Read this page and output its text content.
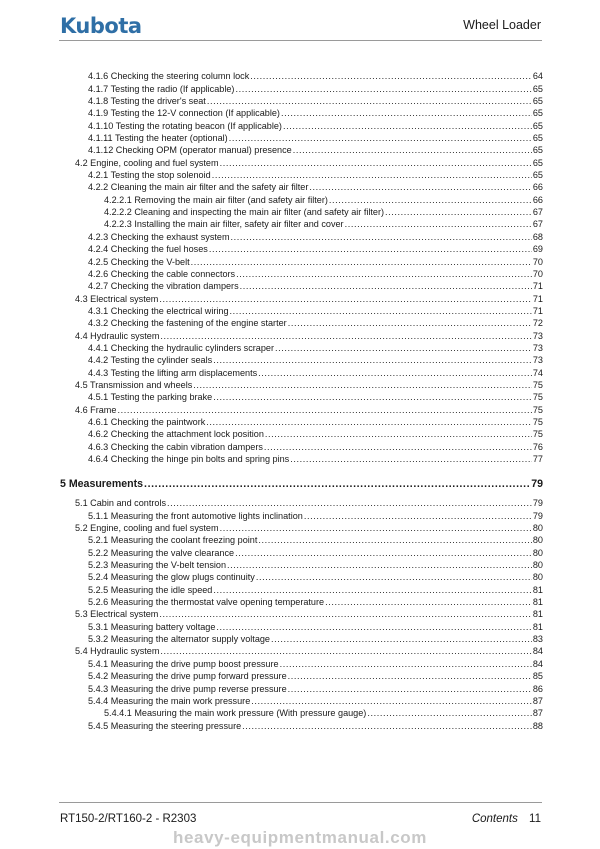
Kubota	Wheel Loader
4.1.6 Checking the steering column lock .....	64
4.1.7 Testing the radio (If applicable) .....	65
4.1.8 Testing the driver's seat .....	65
4.1.9 Testing the 12-V connection (If applicable) .....	65
4.1.10 Testing the rotating beacon (If applicable) .....	65
4.1.11 Testing the heater (optional) .....	65
4.1.12 Checking OPM (operator manual) presence .....	65
4.2 Engine, cooling and fuel system .....	65
4.2.1 Testing the stop solenoid .....	65
4.2.2 Cleaning the main air filter and the safety air filter .....	66
4.2.2.1 Removing the main air filter (and safety air filter) .....	66
4.2.2.2 Cleaning and inspecting the main air filter (and safety air filter) .....	67
4.2.2.3 Installing the main air filter, safety air filter and cover .....	67
4.2.3 Checking the exhaust system .....	68
4.2.4 Checking the fuel hoses .....	69
4.2.5 Checking the V-belt .....	70
4.2.6 Checking the cable connectors .....	70
4.2.7 Checking the vibration dampers .....	71
4.3 Electrical system .....	71
4.3.1 Checking the electrical wiring .....	71
4.3.2 Checking the fastening of the engine starter .....	72
4.4 Hydraulic system .....	73
4.4.1 Checking the hydraulic cylinders scraper .....	73
4.4.2 Testing the cylinder seals .....	73
4.4.3 Testing the lifting arm displacements .....	74
4.5 Transmission and wheels .....	75
4.5.1 Testing the parking brake .....	75
4.6 Frame .....	75
4.6.1 Checking the paintwork .....	75
4.6.2 Checking the attachment lock position .....	75
4.6.3 Checking the cabin vibration dampers .....	76
4.6.4 Checking the hinge pin bolts and spring pins .....	77
5 Measurements .....	79
5.1 Cabin and controls .....	79
5.1.1 Measuring the front automotive lights inclination .....	79
5.2 Engine, cooling and fuel system .....	80
5.2.1 Measuring the coolant freezing point .....	80
5.2.2 Measuring the valve clearance .....	80
5.2.3 Measuring the V-belt tension .....	80
5.2.4 Measuring the glow plugs continuity .....	80
5.2.5 Measuring the idle speed .....	81
5.2.6 Measuring the thermostat valve opening temperature .....	81
5.3 Electrical system .....	81
5.3.1 Measuring battery voltage .....	81
5.3.2 Measuring the alternator supply voltage .....	83
5.4 Hydraulic system .....	84
5.4.1 Measuring the drive pump boost pressure .....	84
5.4.2 Measuring the drive pump forward pressure .....	85
5.4.3 Measuring the drive pump reverse pressure .....	86
5.4.4 Measuring the main work pressure .....	87
5.4.4.1 Measuring the main work pressure (With pressure gauge) .....	87
5.4.5 Measuring the steering pressure .....	88
RT150-2/RT160-2 - R2303	Contents 11
heavy-equipmentmanual.com
